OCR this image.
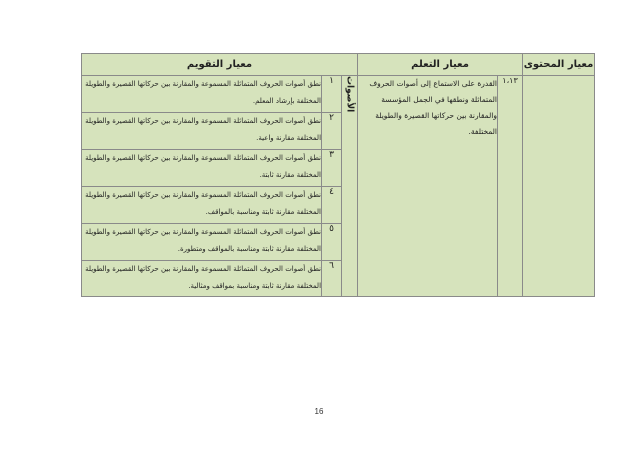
معيار المحتوى	معيار التعلم		معيار التقويم		
	١،١٣	القدرة على الاستماع إلى أصوات الحروف المتماثلة ونطقها في الجمل المؤسسة والمقارنة بين حركاتها القصيرة والطويلة المختلفة.	الأصوات	١	نطق أصوات الحروف المتماثلة المسموعة والمقارنة بين حركاتها القصيرة والطويلة المختلفة بإرشاد المعلم.
				٢	نطق أصوات الحروف المتماثلة المسموعة والمقارنة بين حركاتها القصيرة والطويلة المختلفة مقارنة واعية.
				٣	نطق أصوات الحروف المتماثلة المسموعة والمقارنة بين حركاتها القصيرة والطويلة المختلفة مقارنة ثابتة.
				٤	نطق أصوات الحروف المتماثلة المسموعة والمقارنة بين حركاتها القصيرة والطويلة المختلفة مقارنة ثابتة ومناسبة بالمواقف.
				٥	نطق أصوات الحروف المتماثلة المسموعة والمقارنة بين حركاتها القصيرة والطويلة المختلفة مقارنة ثابتة ومناسبة بالمواقف ومتطورة.
				٦	نطق أصوات الحروف المتماثلة المسموعة والمقارنة بين حركاتها القصيرة والطويلة المختلفة مقارنة ثابتة ومناسبة بمواقف ومثالية.
16
